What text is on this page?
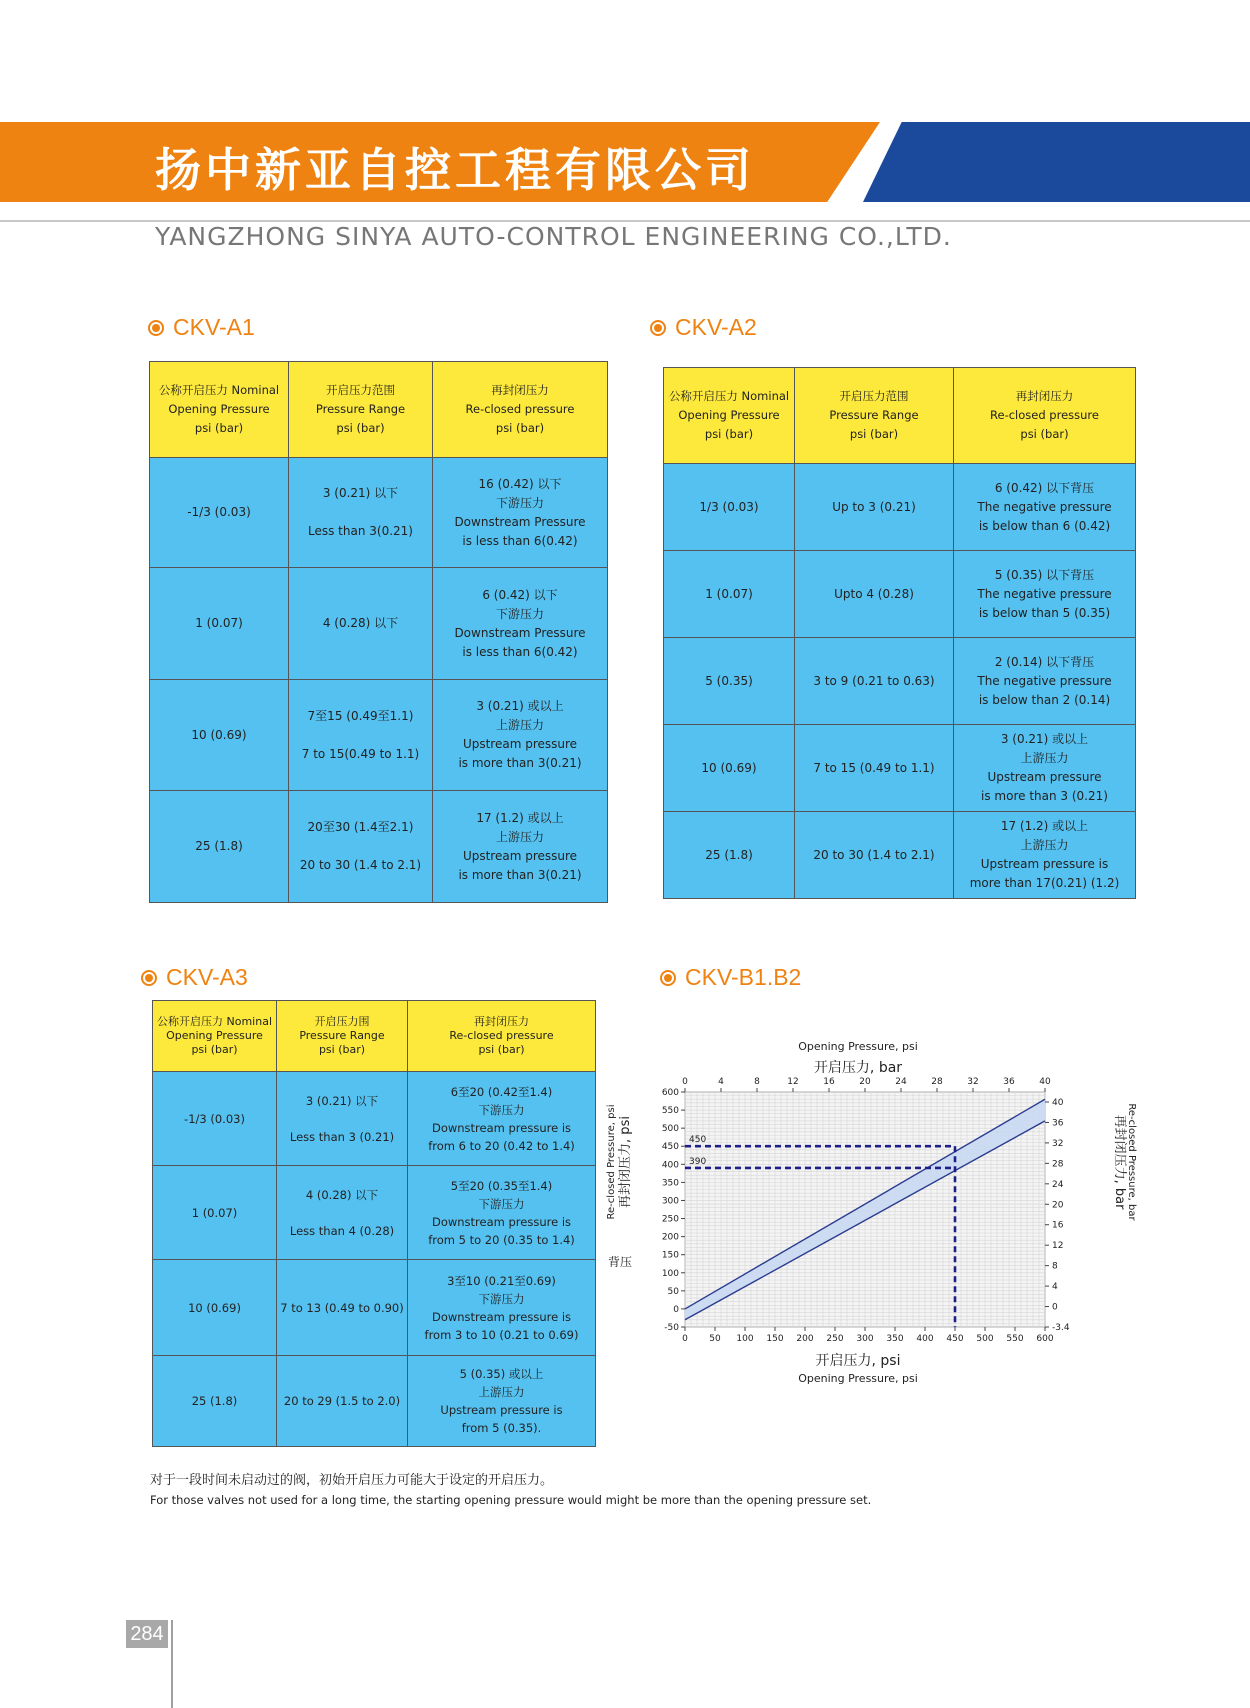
扬中新亚自控工程有限公司
YANGZHONG SINYA AUTO-CONTROL ENGINEERING CO.,LTD.
CKV-A1
公称开启压力 Nominal
Opening Pressure
psi (bar)	开启压力范围
Pressure Range
psi (bar)	再封闭压力
Re-closed pressure
psi (bar)
-1/3 (0.03)	3 (0.21) 以下

Less than 3(0.21)	16 (0.42) 以下
下游压力
Downstream Pressure
is less than 6(0.42)
1 (0.07)	4 (0.28) 以下	6 (0.42) 以下
下游压力
Downstream Pressure
is less than 6(0.42)
10 (0.69)	7至15 (0.49至1.1)

7 to 15(0.49 to 1.1)	3 (0.21) 或以上
上游压力
Upstream pressure
is more than 3(0.21)
25 (1.8)	20至30 (1.4至2.1)

20 to 30 (1.4 to 2.1)	17 (1.2) 或以上
上游压力
Upstream pressure
is more than 3(0.21)
CKV-A2
公称开启压力 Nominal
Opening Pressure
psi (bar)	开启压力范围
Pressure Range
psi (bar)	再封闭压力
Re-closed pressure
psi (bar)
1/3 (0.03)	Up to 3 (0.21)	6 (0.42) 以下背压
The negative pressure
is below than 6 (0.42)
1 (0.07)	Upto 4 (0.28)	5 (0.35) 以下背压
The negative pressure
is below than 5 (0.35)
5 (0.35)	3 to 9 (0.21 to 0.63)	2 (0.14) 以下背压
The negative pressure
is below than 2 (0.14)
10 (0.69)	7 to 15 (0.49 to 1.1)	3 (0.21) 或以上
上游压力
Upstream pressure
is more than 3 (0.21)
25 (1.8)	20 to 30 (1.4 to 2.1)	17 (1.2) 或以上
上游压力
Upstream pressure is
more than 17(0.21) (1.2)
CKV-A3
公称开启压力 Nominal
Opening Pressure
psi (bar)	开启压力围
Pressure Range
psi (bar)	再封闭压力
Re-closed pressure
psi (bar)
-1/3 (0.03)	3 (0.21) 以下

Less than 3 (0.21)	6至20 (0.42至1.4)
下游压力
Downstream pressure is
from 6 to 20 (0.42 to 1.4)
1 (0.07)	4 (0.28) 以下

Less than 4 (0.28)	5至20 (0.35至1.4)
下游压力
Downstream pressure is
from 5 to 20 (0.35 to 1.4)
10 (0.69)	7 to 13 (0.49 to 0.90)	3至10 (0.21至0.69)
下游压力
Downstream pressure is
from 3 to 10 (0.21 to 0.69)
25 (1.8)	20 to 29 (1.5 to 2.0)	5 (0.35) 或以上
上游压力
Upstream pressure is
from 5 (0.35).
CKV-B1.B2
Opening Pressure, psi
开启压力, bar
450
390
0 50 100 150 200 250 300 350 400 450 500 550 600
0	4	8	12	16	20	24	28	32	36	40
600
550
500
450
400
350
300
250
200
150
100
50
0
-50
40
36
32
28
24
20
16
12
8
4
0
-3.4
背压
开启压力, psi
Opening Pressure, psi
Re-closed Pressure, psi 再封闭压力, psi	再封闭压力, bar Re-closed Pressure, bar
对于一段时间未启动过的阀，初始开启压力可能大于设定的开启压力。
For those valves not used for a long time, the starting opening pressure would might be more than the opening pressure set.
284
